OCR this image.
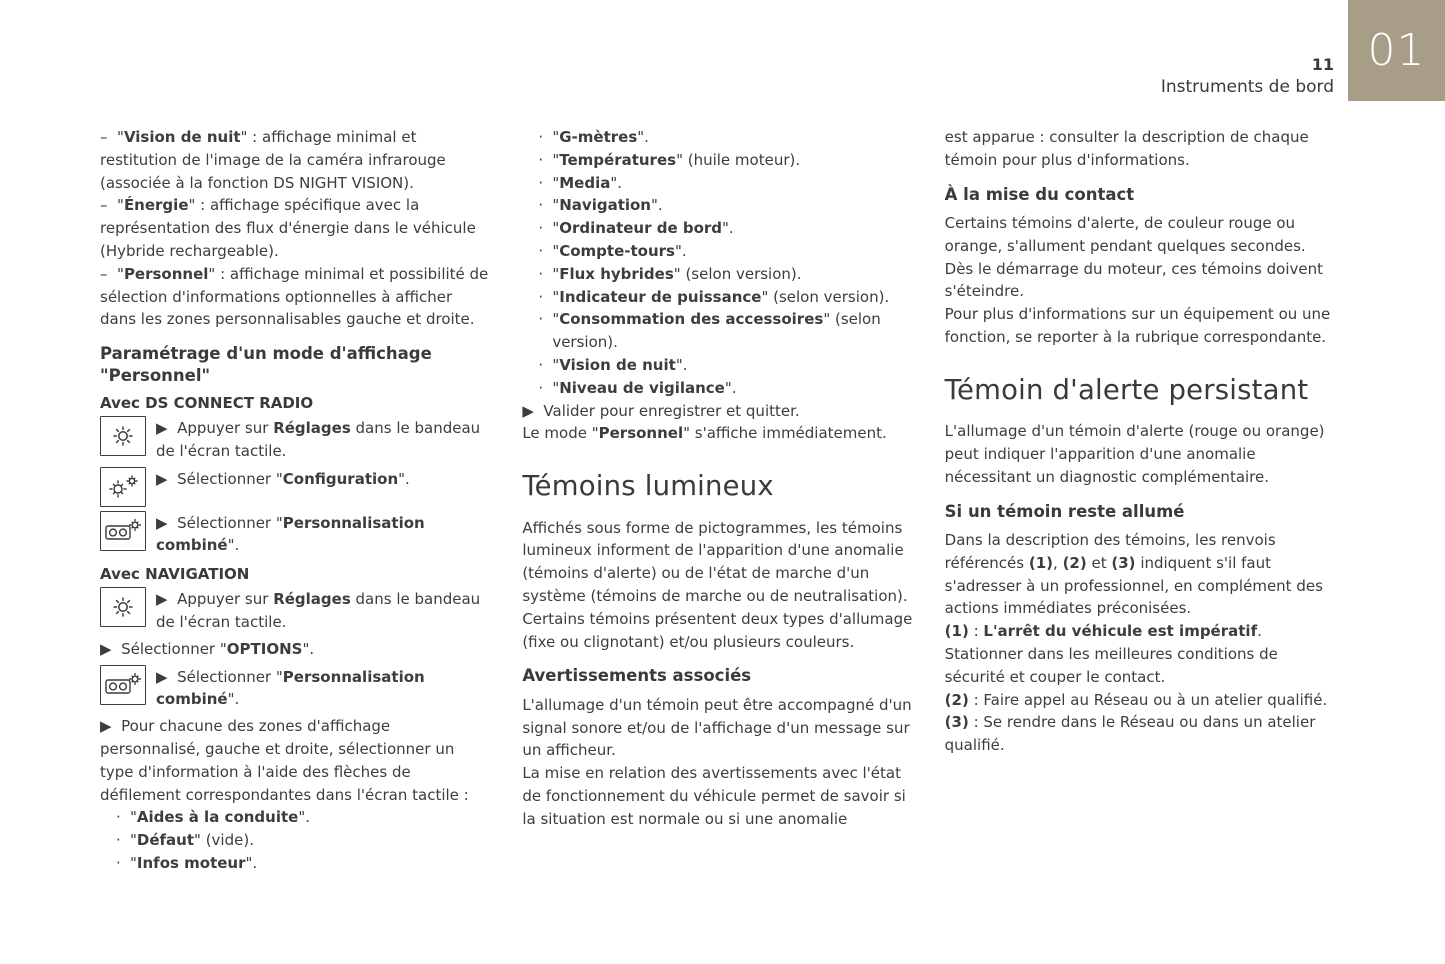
01
11
Instruments de bord

–  "Vision de nuit" : affichage minimal et restitution de l'image de la caméra infrarouge (associée à la fonction DS NIGHT VISION).

–  "Énergie" : affichage spécifique avec la représentation des flux d'énergie dans le véhicule (Hybride rechargeable).

–  "Personnel" : affichage minimal et possibilité de sélection d'informations optionnelles à afficher dans les zones personnalisables gauche et droite.

Paramétrage d'un mode d'affichage "Personnel"
Avec DS CONNECT RADIO

▶  Appuyer sur Réglages dans le bandeau de l'écran tactile.

▶  Sélectionner "Configuration".

▶  Sélectionner "Personnalisation combiné".

Avec NAVIGATION

▶  Appuyer sur Réglages dans le bandeau de l'écran tactile.

▶  Sélectionner "OPTIONS".

▶  Sélectionner "Personnalisation combiné".

▶  Pour chacune des zones d'affichage personnalisé, gauche et droite, sélectionner un type d'information à l'aide des flèches de défilement correspondantes dans l'écran tactile :

· "Aides à la conduite".
· "Défaut" (vide).
· "Infos moteur".
· "G-mètres".
· "Températures" (huile moteur).
· "Media".
· "Navigation".
· "Ordinateur de bord".
· "Compte-tours".
· "Flux hybrides" (selon version).
· "Indicateur de puissance" (selon version).
· "Consommation des accessoires" (selon version).
· "Vision de nuit".
· "Niveau de vigilance".

▶  Valider pour enregistrer et quitter.

Le mode "Personnel" s'affiche immédiatement.

Témoins lumineux

Affichés sous forme de pictogrammes, les témoins lumineux informent de l'apparition d'une anomalie (témoins d'alerte) ou de l'état de marche d'un système (témoins de marche ou de neutralisation). Certains témoins présentent deux types d'allumage (fixe ou clignotant) et/ou plusieurs couleurs.

Avertissements associés

L'allumage d'un témoin peut être accompagné d'un signal sonore et/ou de l'affichage d'un message sur un afficheur.

La mise en relation des avertissements avec l'état de fonctionnement du véhicule permet de savoir si la situation est normale ou si une anomalie

est apparue : consulter la description de chaque témoin pour plus d'informations.

À la mise du contact

Certains témoins d'alerte, de couleur rouge ou orange, s'allument pendant quelques secondes. Dès le démarrage du moteur, ces témoins doivent s'éteindre.

Pour plus d'informations sur un équipement ou une fonction, se reporter à la rubrique correspondante.

Témoin d'alerte persistant

L'allumage d'un témoin d'alerte (rouge ou orange) peut indiquer l'apparition d'une anomalie nécessitant un diagnostic complémentaire.

Si un témoin reste allumé

Dans la description des témoins, les renvois référencés (1), (2) et (3) indiquent s'il faut s'adresser à un professionnel, en complément des actions immédiates préconisées.

(1) : L'arrêt du véhicule est impératif. Stationner dans les meilleures conditions de sécurité et couper le contact.

(2) : Faire appel au Réseau ou à un atelier qualifié.

(3) : Se rendre dans le Réseau ou dans un atelier qualifié.
